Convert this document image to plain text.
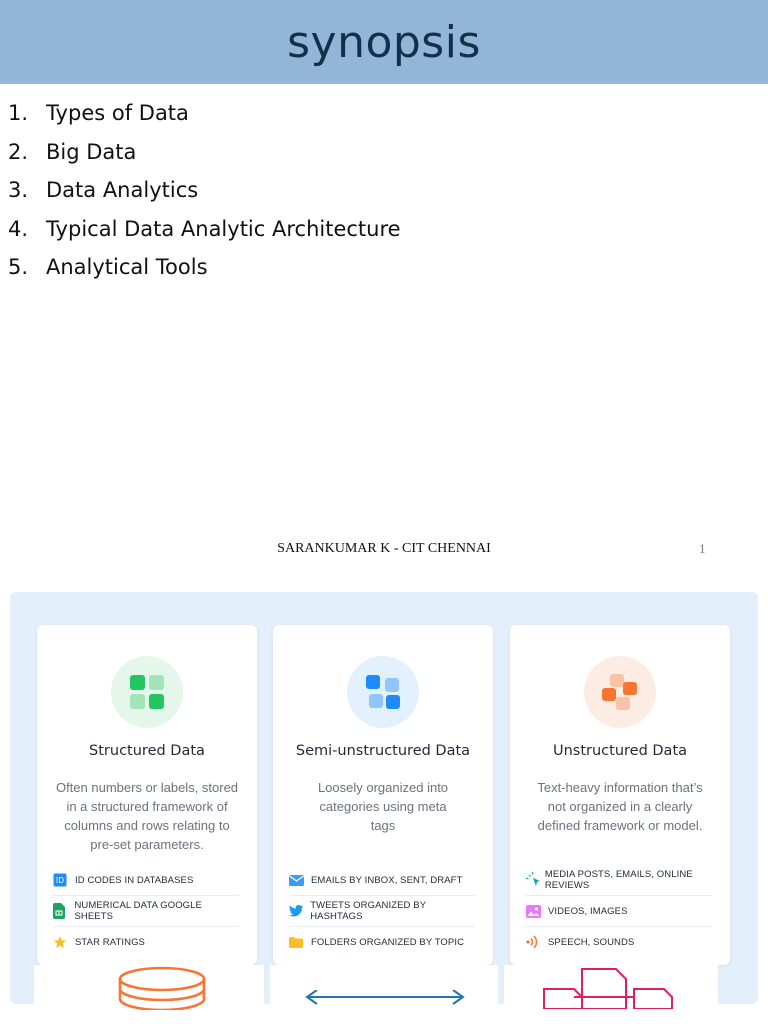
synopsis
1. Types of Data
2. Big Data
3. Data Analytics
4. Typical Data Analytic Architecture
5. Analytical Tools
SARANKUMAR K - CIT CHENNAI	1
Structured Data

Often numbers or labels, stored in a structured framework of columns and rows relating to pre-set parameters.

ID ID CODES IN DATABASES
NUMERICAL DATA GOOGLE SHEETS
STAR RATINGS
Semi-unstructured Data

Loosely organized into categories using meta tags

EMAILS BY INBOX, SENT, DRAFT
TWEETS ORGANIZED BY HASHTAGS
FOLDERS ORGANIZED BY TOPIC
Unstructured Data

Text-heavy information that’s not organized in a clearly defined framework or model.

MEDIA POSTS, EMAILS, ONLINE REVIEWS
VIDEOS, IMAGES
SPEECH, SOUNDS
